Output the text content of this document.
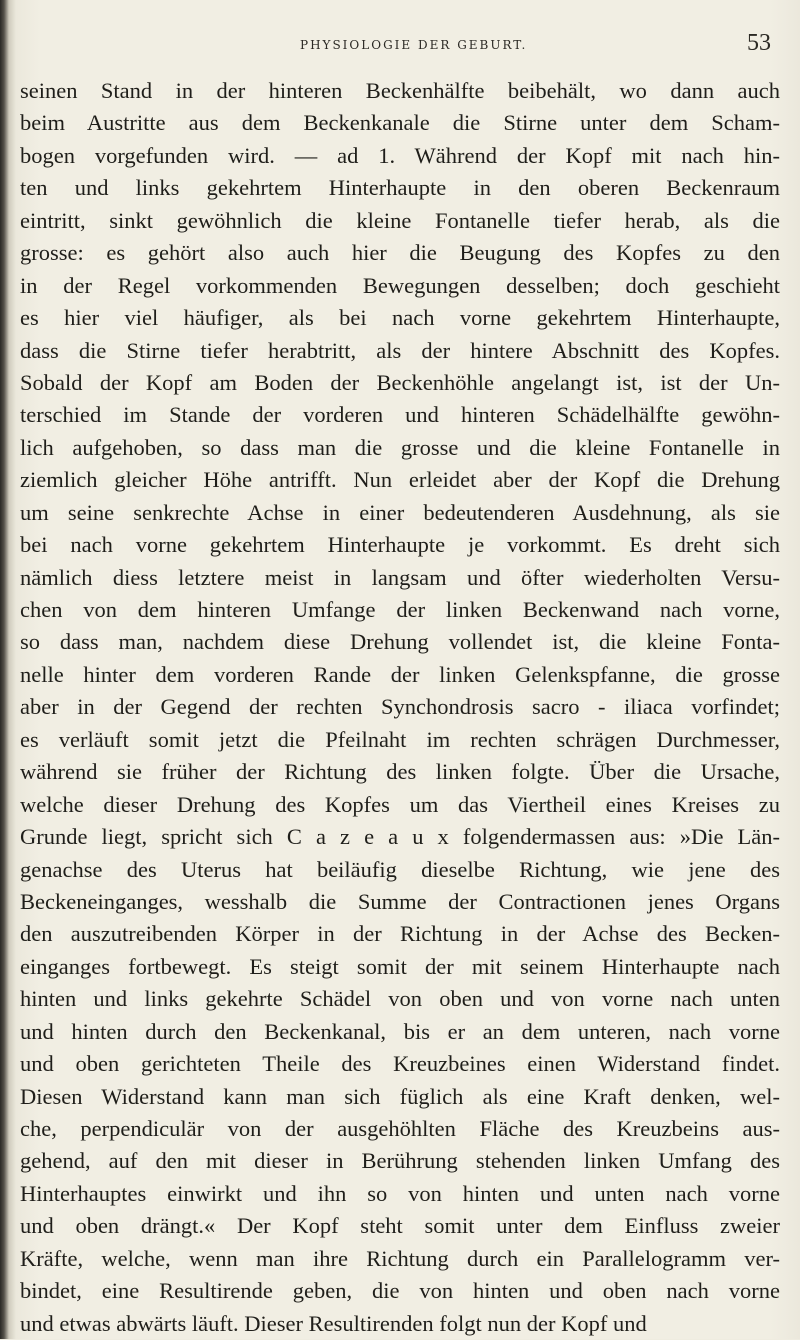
PHYSIOLOGIE DER GEBURT.	53
seinen Stand in der hinteren Beckenhälfte beibehält, wo dann auch
beim Austritte aus dem Beckenkanale die Stirne unter dem Scham-
bogen vorgefunden wird. — ad 1. Während der Kopf mit nach hin-
ten und links gekehrtem Hinterhaupte in den oberen Beckenraum
eintritt, sinkt gewöhnlich die kleine Fontanelle tiefer herab, als die
grosse: es gehört also auch hier die Beugung des Kopfes zu den
in der Regel vorkommenden Bewegungen desselben; doch geschieht
es hier viel häufiger, als bei nach vorne gekehrtem Hinterhaupte,
dass die Stirne tiefer herabtritt, als der hintere Abschnitt des Kopfes.
Sobald der Kopf am Boden der Beckenhöhle angelangt ist, ist der Un-
terschied im Stande der vorderen und hinteren Schädelhälfte gewöhn-
lich aufgehoben, so dass man die grosse und die kleine Fontanelle in
ziemlich gleicher Höhe antrifft. Nun erleidet aber der Kopf die Drehung
um seine senkrechte Achse in einer bedeutenderen Ausdehnung, als sie
bei nach vorne gekehrtem Hinterhaupte je vorkommt. Es dreht sich
nämlich diess letztere meist in langsam und öfter wiederholten Versu-
chen von dem hinteren Umfange der linken Beckenwand nach vorne,
so dass man, nachdem diese Drehung vollendet ist, die kleine Fonta-
nelle hinter dem vorderen Rande der linken Gelenkspfanne, die grosse
aber in der Gegend der rechten Synchondrosis sacro - iliaca vorfindet;
es verläuft somit jetzt die Pfeilnaht im rechten schrägen Durchmesser,
während sie früher der Richtung des linken folgte. Über die Ursache,
welche dieser Drehung des Kopfes um das Viertheil eines Kreises zu
Grunde liegt, spricht sich C a z e a u x folgendermassen aus: »Die Län-
genachse des Uterus hat beiläufig dieselbe Richtung, wie jene des
Beckeneinganges, wesshalb die Summe der Contractionen jenes Organs
den auszutreibenden Körper in der Richtung in der Achse des Becken-
einganges fortbewegt. Es steigt somit der mit seinem Hinterhaupte nach
hinten und links gekehrte Schädel von oben und von vorne nach unten
und hinten durch den Beckenkanal, bis er an dem unteren, nach vorne
und oben gerichteten Theile des Kreuzbeines einen Widerstand findet.
Diesen Widerstand kann man sich füglich als eine Kraft denken, wel-
che, perpendiculär von der ausgehöhlten Fläche des Kreuzbeins aus-
gehend, auf den mit dieser in Berührung stehenden linken Umfang des
Hinterhauptes einwirkt und ihn so von hinten und unten nach vorne
und oben drängt.« Der Kopf steht somit unter dem Einfluss zweier
Kräfte, welche, wenn man ihre Richtung durch ein Parallelogramm ver-
bindet, eine Resultirende geben, die von hinten und oben nach vorne
und etwas abwärts läuft. Dieser Resultirenden folgt nun der Kopf und
